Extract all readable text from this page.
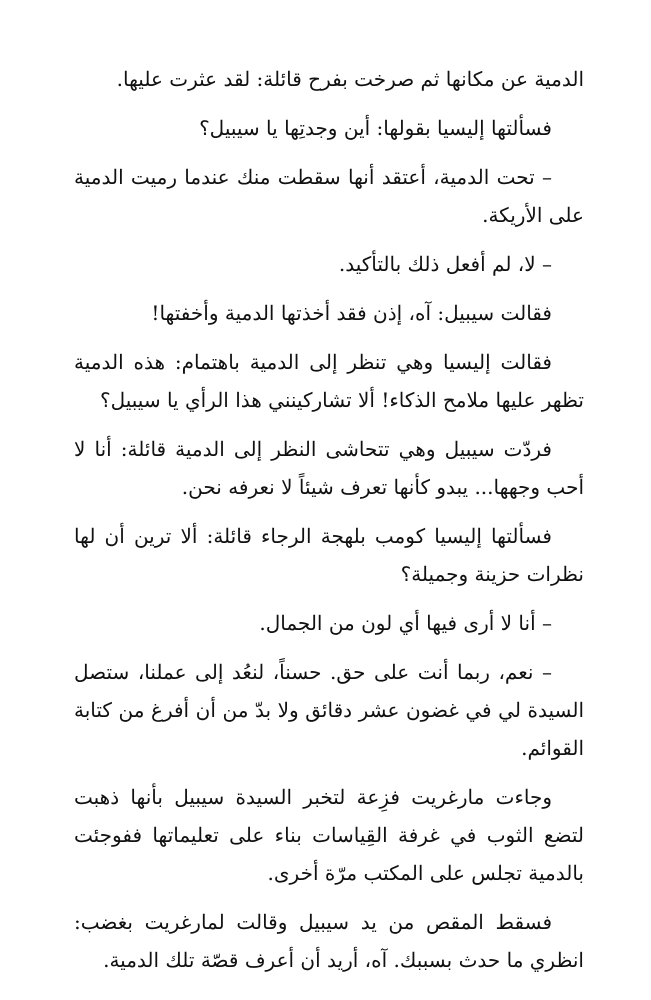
الدمية عن مكانها ثم صرخت بفرح قائلة: لقد عثرت عليها.

فسألتها إليسيا بقولها: أين وجدتِها يا سيبيل؟

– تحت الدمية، أعتقد أنها سقطت منك عندما رميت الدمية على الأريكة.

– لا، لم أفعل ذلك بالتأكيد.

فقالت سيبيل: آه، إذن فقد أخذتها الدمية وأخفتها!

فقالت إليسيا وهي تنظر إلى الدمية باهتمام: هذه الدمية تظهر عليها ملامح الذكاء! ألا تشاركينني هذا الرأي يا سيبيل؟

فردّت سيبيل وهي تتحاشى النظر إلى الدمية قائلة: أنا لا أحب وجهها... يبدو كأنها تعرف شيئاً لا نعرفه نحن.

فسألتها إليسيا كومب بلهجة الرجاء قائلة: ألا ترين أن لها نظرات حزينة وجميلة؟

– أنا لا أرى فيها أي لون من الجمال.

– نعم، ربما أنت على حق. حسناً، لنعُد إلى عملنا، ستصل السيدة لي في غضون عشر دقائق ولا بدّ من أن أفرغ من كتابة القوائم.

وجاءت مارغريت فزِعة لتخبر السيدة سيبيل بأنها ذهبت لتضع الثوب في غرفة القِياسات بناء على تعليماتها ففوجئت بالدمية تجلس على المكتب مرّة أخرى.

فسقط المقص من يد سيبيل وقالت لمارغريت بغضب: انظري ما حدث بسببك. آه، أريد أن أعرف قصّة تلك الدمية.
